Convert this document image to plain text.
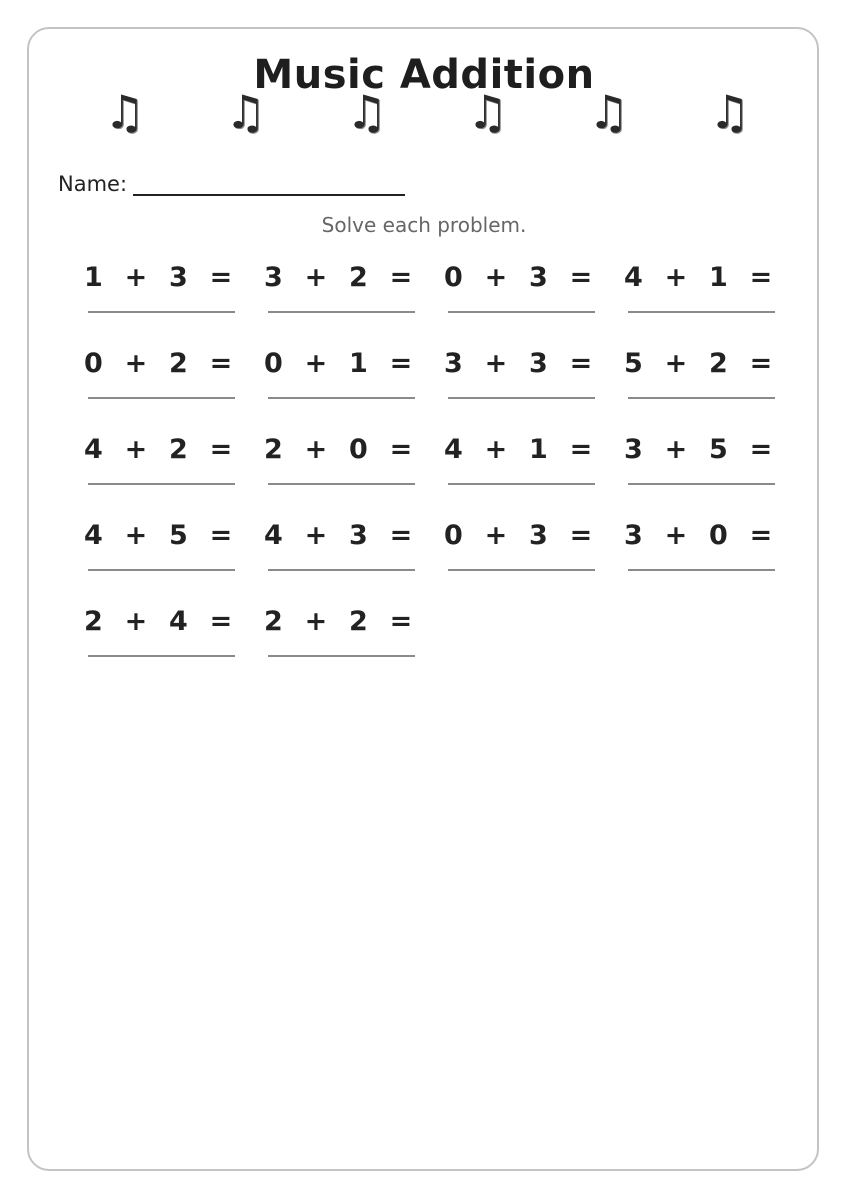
♫ ♫ ♫ ♫ ♫ ♫
Music Addition
Name:
Solve each problem.
1  +  3  = 3  +  2  = 0  +  3  = 4  +  1  =
0  +  2  = 0  +  1  = 3  +  3  = 5  +  2  =
4  +  2  = 2  +  0  = 4  +  1  = 3  +  5  =
4  +  5  = 4  +  3  = 0  +  3  = 3  +  0  =
2  +  4  = 2  +  2  =
